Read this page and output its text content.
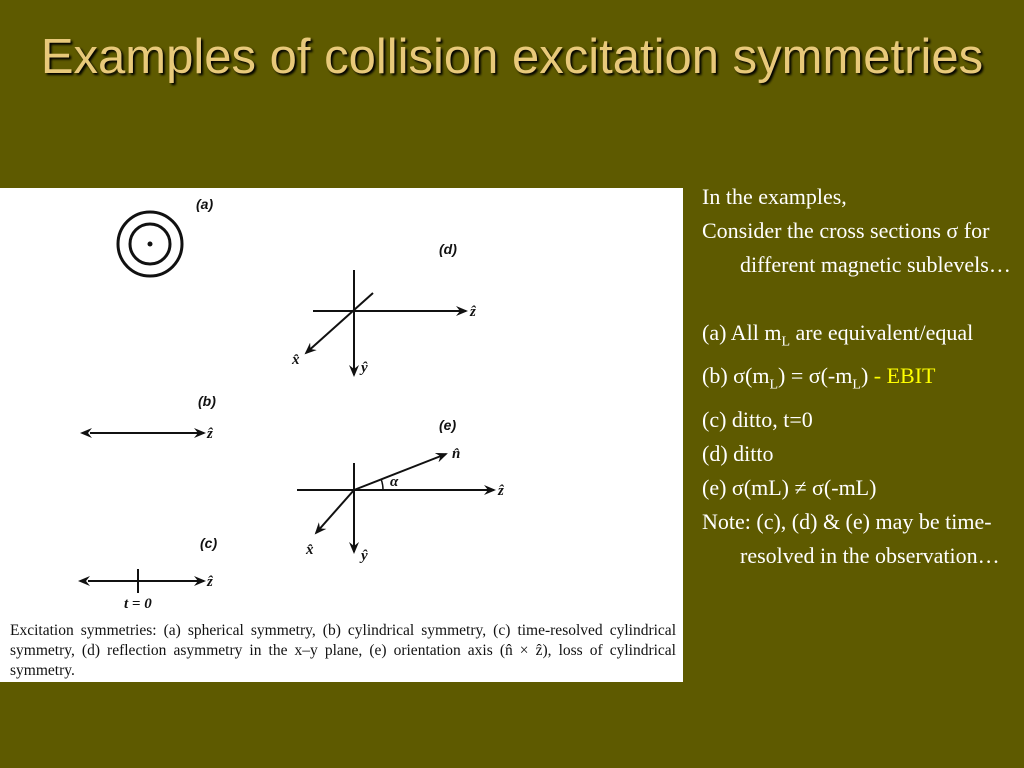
Examples of collision excitation symmetries
ẑ
ẑ
t = 0
ẑ
ŷ
x̂
α
ẑ
n̂
ŷ
x̂
(a)
(d)
(b)
(e)
(c)
Excitation symmetries: (a) spherical symmetry, (b) cylindrical symmetry, (c) time-resolved cylindrical symmetry, (d) reflection asymmetry in the x–y plane, (e) orientation axis (n̂ × ẑ), loss of cylindrical symmetry.
In the examples,
Consider the cross sections σ for different magnetic sublevels…
(a) All $m_L$ are equivalent/equal
(b) $\sigma(m_L) = \sigma(-m_L)$ - EBIT
(c) ditto, t=0
(d) ditto
(e) σ(mL) ≠ σ(-mL)
Note: (c), (d) & (e) may be time-resolved in the observation…
